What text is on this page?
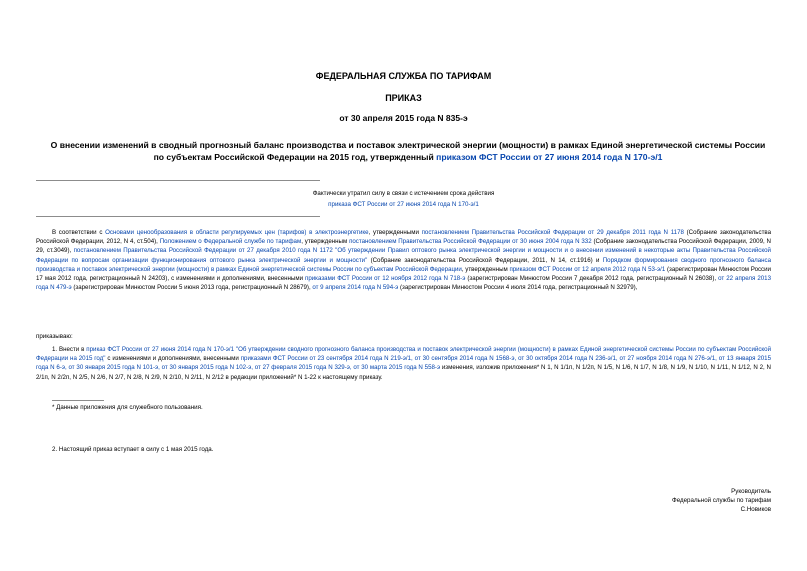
ФЕДЕРАЛЬНАЯ СЛУЖБА ПО ТАРИФАМ
ПРИКАЗ
от 30 апреля 2015 года N 835-э
О внесении изменений в сводный прогнозный баланс производства и поставок электрической энергии (мощности) в рамках Единой энергетической системы России по субъектам Российской Федерации на 2015 год, утвержденный приказом ФСТ России от 27 июня 2014 года N 170-э/1
Фактически утратил силу в связи с истечением срока действия
приказа ФСТ России от 27 июня 2014 года N 170-э/1
В соответствии с Основами ценообразования в области регулируемых цен (тарифов) в электроэнергетике, утвержденными постановлением Правительства Российской Федерации от 29 декабря 2011 года N 1178 (Собрание законодательства Российской Федерации, 2012, N 4, ст.504), Положением о Федеральной службе по тарифам, утвержденным постановлением Правительства Российской Федерации от 30 июня 2004 года N 332 (Собрание законодательства Российской Федерации, 2009, N 29, ст.3049), постановлением Правительства Российской Федерации от 27 декабря 2010 года N 1172 "Об утверждении Правил оптового рынка электрической энергии и мощности и о внесении изменений в некоторые акты Правительства Российской Федерации по вопросам организации функционирования оптового рынка электрической энергии и мощности" (Собрание законодательства Российской Федерации, 2011, N 14, ст.1916) и Порядком формирования сводного прогнозного баланса производства и поставок электрической энергии (мощности) в рамках Единой энергетической системы России по субъектам Российской Федерации, утвержденным приказом ФСТ России от 12 апреля 2012 года N 53-э/1 (зарегистрирован Минюстом России 17 мая 2012 года, регистрационный N 24203), с изменениями и дополнениями, внесенными приказами ФСТ России от 12 ноября 2012 года N 718-э (зарегистрирован Минюстом России 7 декабря 2012 года, регистрационный N 26038), от 22 апреля 2013 года N 479-э (зарегистрирован Минюстом России 5 июня 2013 года, регистрационный N 28679), от 9 апреля 2014 года N 594-э (зарегистрирован Минюстом России 4 июля 2014 года, регистрационный N 32979),
приказываю:
1. Внести в приказ ФСТ России от 27 июня 2014 года N 170-э/1 "Об утверждении сводного прогнозного баланса производства и поставок электрической энергии (мощности) в рамках Единой энергетической системы России по субъектам Российской Федерации на 2015 год" с изменениями и дополнениями, внесенными приказами ФСТ России от 23 сентября 2014 года N 219-э/1, от 30 сентября 2014 года N 1568-э, от 30 октября 2014 года N 236-э/1, от 27 ноября 2014 года N 276-э/1, от 13 января 2015 года N 6-э, от 30 января 2015 года N 101-э, от 30 января 2015 года N 102-э, от 27 февраля 2015 года N 329-э, от 30 марта 2015 года N 558-э изменения, изложив приложения* N 1, N 1/1п, N 1/2п, N 1/5, N 1/6, N 1/7, N 1/8, N 1/9, N 1/10, N 1/11, N 1/12, N 2, N 2/1п, N 2/2п, N 2/5, N 2/6, N 2/7, N 2/8, N 2/9, N 2/10, N 2/11, N 2/12 в редакции приложений* N 1-22 к настоящему приказу.
* Данные приложения для служебного пользования.
2. Настоящий приказ вступает в силу с 1 мая 2015 года.
Руководитель
Федеральной службы по тарифам
С.Новиков
